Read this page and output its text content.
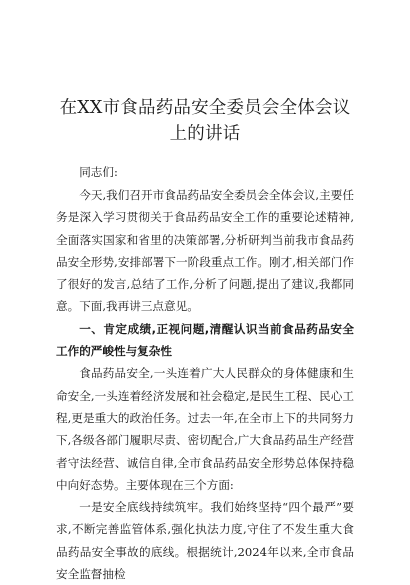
在XX市食品药品安全委员会全体会议上的讲话

同志们:

今天,我们召开市食品药品安全委员会全体会议,主要任务是深入学习贯彻关于食品药品安全工作的重要论述精神,全面落实国家和省里的决策部署,分析研判当前我市食品药品安全形势,安排部署下一阶段重点工作。刚才,相关部门作了很好的发言,总结了工作,分析了问题,提出了建议,我都同意。下面,我再讲三点意见。

一、肯定成绩,正视问题,清醒认识当前食品药品安全工作的严峻性与复杂性

食品药品安全,一头连着广大人民群众的身体健康和生命安全,一头连着经济发展和社会稳定,是民生工程、民心工程,更是重大的政治任务。过去一年,在全市上下的共同努力下,各级各部门履职尽责、密切配合,广大食品药品生产经营者守法经营、诚信自律,全市食品药品安全形势总体保持稳中向好态势。主要体现在三个方面:

一是安全底线持续筑牢。我们始终坚持“四个最严”要求,不断完善监管体系,强化执法力度,守住了不发生重大食品药品安全事故的底线。根据统计,2024年以来,全市食品安全监督抽检
